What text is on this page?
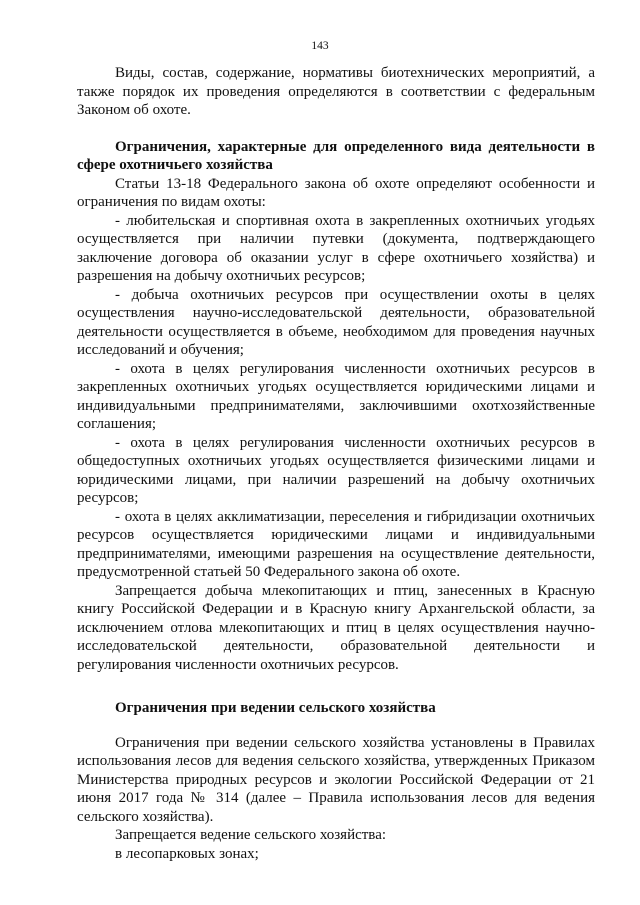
143

Виды, состав, содержание, нормативы биотехнических мероприятий, а также порядок их проведения определяются в соответствии с федеральным Законом об охоте.

Ограничения, характерные для определенного вида деятельности в сфере охотничьего хозяйства

Статьи 13-18 Федерального закона об охоте определяют особенности и ограничения по видам охоты:

- любительская и спортивная охота в закрепленных охотничьих угодьях осуществляется при наличии путевки (документа, подтверждающего заключение договора об оказании услуг в сфере охотничьего хозяйства) и разрешения на добычу охотничьих ресурсов;

- добыча охотничьих ресурсов при осуществлении охоты в целях осуществления научно-исследовательской деятельности, образовательной деятельности осуществляется в объеме, необходимом для проведения научных исследований и обучения;

- охота в целях регулирования численности охотничьих ресурсов в закрепленных охотничьих угодьях осуществляется юридическими лицами и индивидуальными предпринимателями, заключившими охотхозяйственные соглашения;

- охота в целях регулирования численности охотничьих ресурсов в общедоступных охотничьих угодьях осуществляется физическими лицами и юридическими лицами, при наличии разрешений на добычу охотничьих ресурсов;

- охота в целях акклиматизации, переселения и гибридизации охотничьих ресурсов осуществляется юридическими лицами и индивидуальными предпринимателями, имеющими разрешения на осуществление деятельности, предусмотренной статьей 50 Федерального закона об охоте.

Запрещается добыча млекопитающих и птиц, занесенных в Красную книгу Российской Федерации и в Красную книгу Архангельской области, за исключением отлова млекопитающих и птиц в целях осуществления научно-исследовательской деятельности, образовательной деятельности и регулирования численности охотничьих ресурсов.

Ограничения при ведении сельского хозяйства

Ограничения при ведении сельского хозяйства установлены в Правилах использования лесов для ведения сельского хозяйства, утвержденных Приказом Министерства природных ресурсов и экологии Российской Федерации от 21 июня 2017 года № 314 (далее – Правила использования лесов для ведения сельского хозяйства).

Запрещается ведение сельского хозяйства:

в лесопарковых зонах;
